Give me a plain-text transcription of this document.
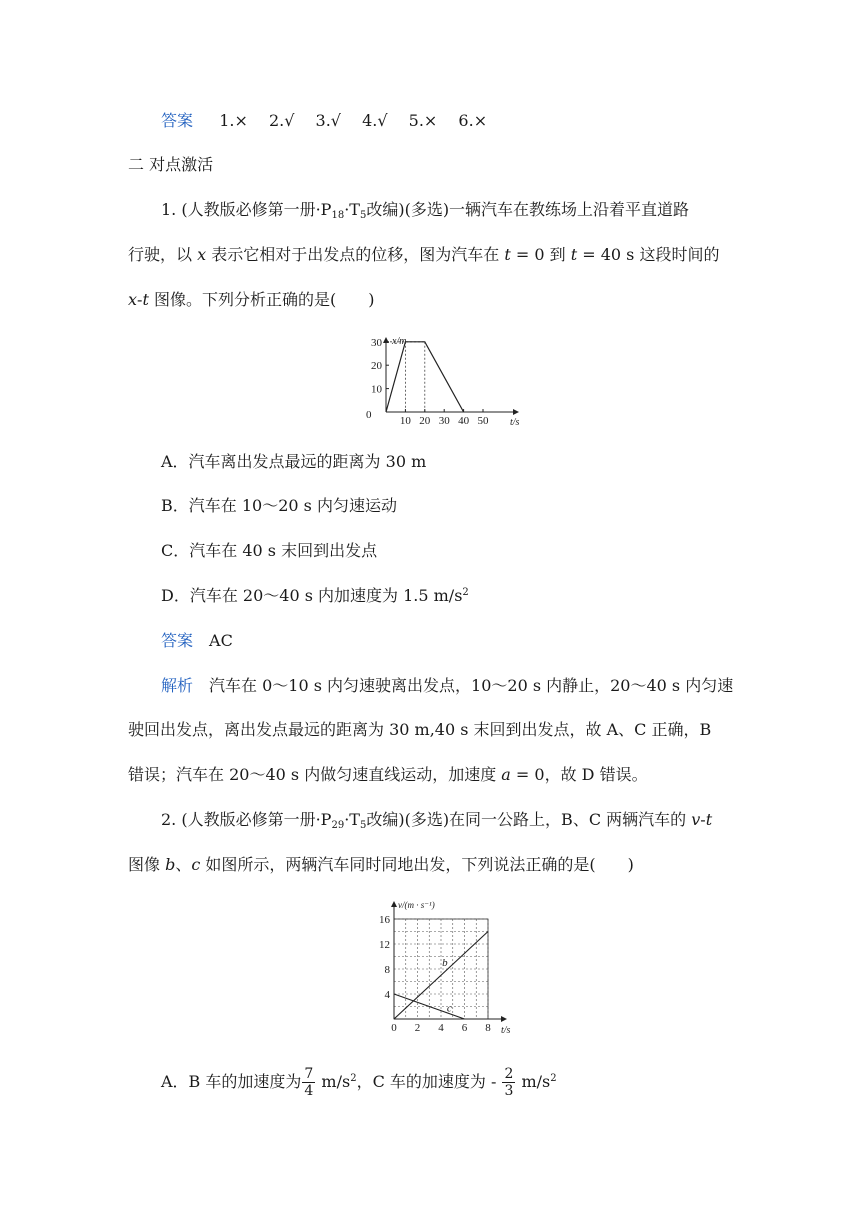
答案 1.× 2.√ 3.√ 4.√ 5.× 6.×
二 对点激活
1. (人教版必修第一册$\cdot P_{18}\cdot T_5$改编)(多选)一辆汽车在教练场上沿着平直道路
行驶，以 x 表示它相对于出发点的位移，图为汽车在 t = 0 到 t = 40 s 这段时间的
x-t 图像。下列分析正确的是(　　)
10 20 30 40 50
10
20
30
0
x/m
t/s
A．汽车离出发点最远的距离为 30 m
B．汽车在 10～20 s 内匀速运动
C．汽车在 40 s 末回到出发点
D．汽车在 20～40 s 内加速度为 1.5 $m/s^2$
答案 AC
解析 汽车在 0～10 s 内匀速驶离出发点，10～20 s 内静止，20～40 s 内匀速
驶回出发点，离出发点最远的距离为 30 m,40 s 末回到出发点，故 A、C 正确，B
错误；汽车在 20～40 s 内做匀速直线运动，加速度 a = 0，故 D 错误。
2. (人教版必修第一册$\cdot P_{29}\cdot T_5$改编)(多选)在同一公路上，B、C 两辆汽车的 v-t
图像 b、c 如图所示，两辆汽车同时同地出发，下列说法正确的是(　　)
b
c
0 2 4 6 8
4
8
12
16
v/(m · s⁻¹)
t/s
A．B 车的加速度为 $\frac{7}{4} m/s^2$，C 车的加速度为 - $\frac{2}{3} m/s^2$
